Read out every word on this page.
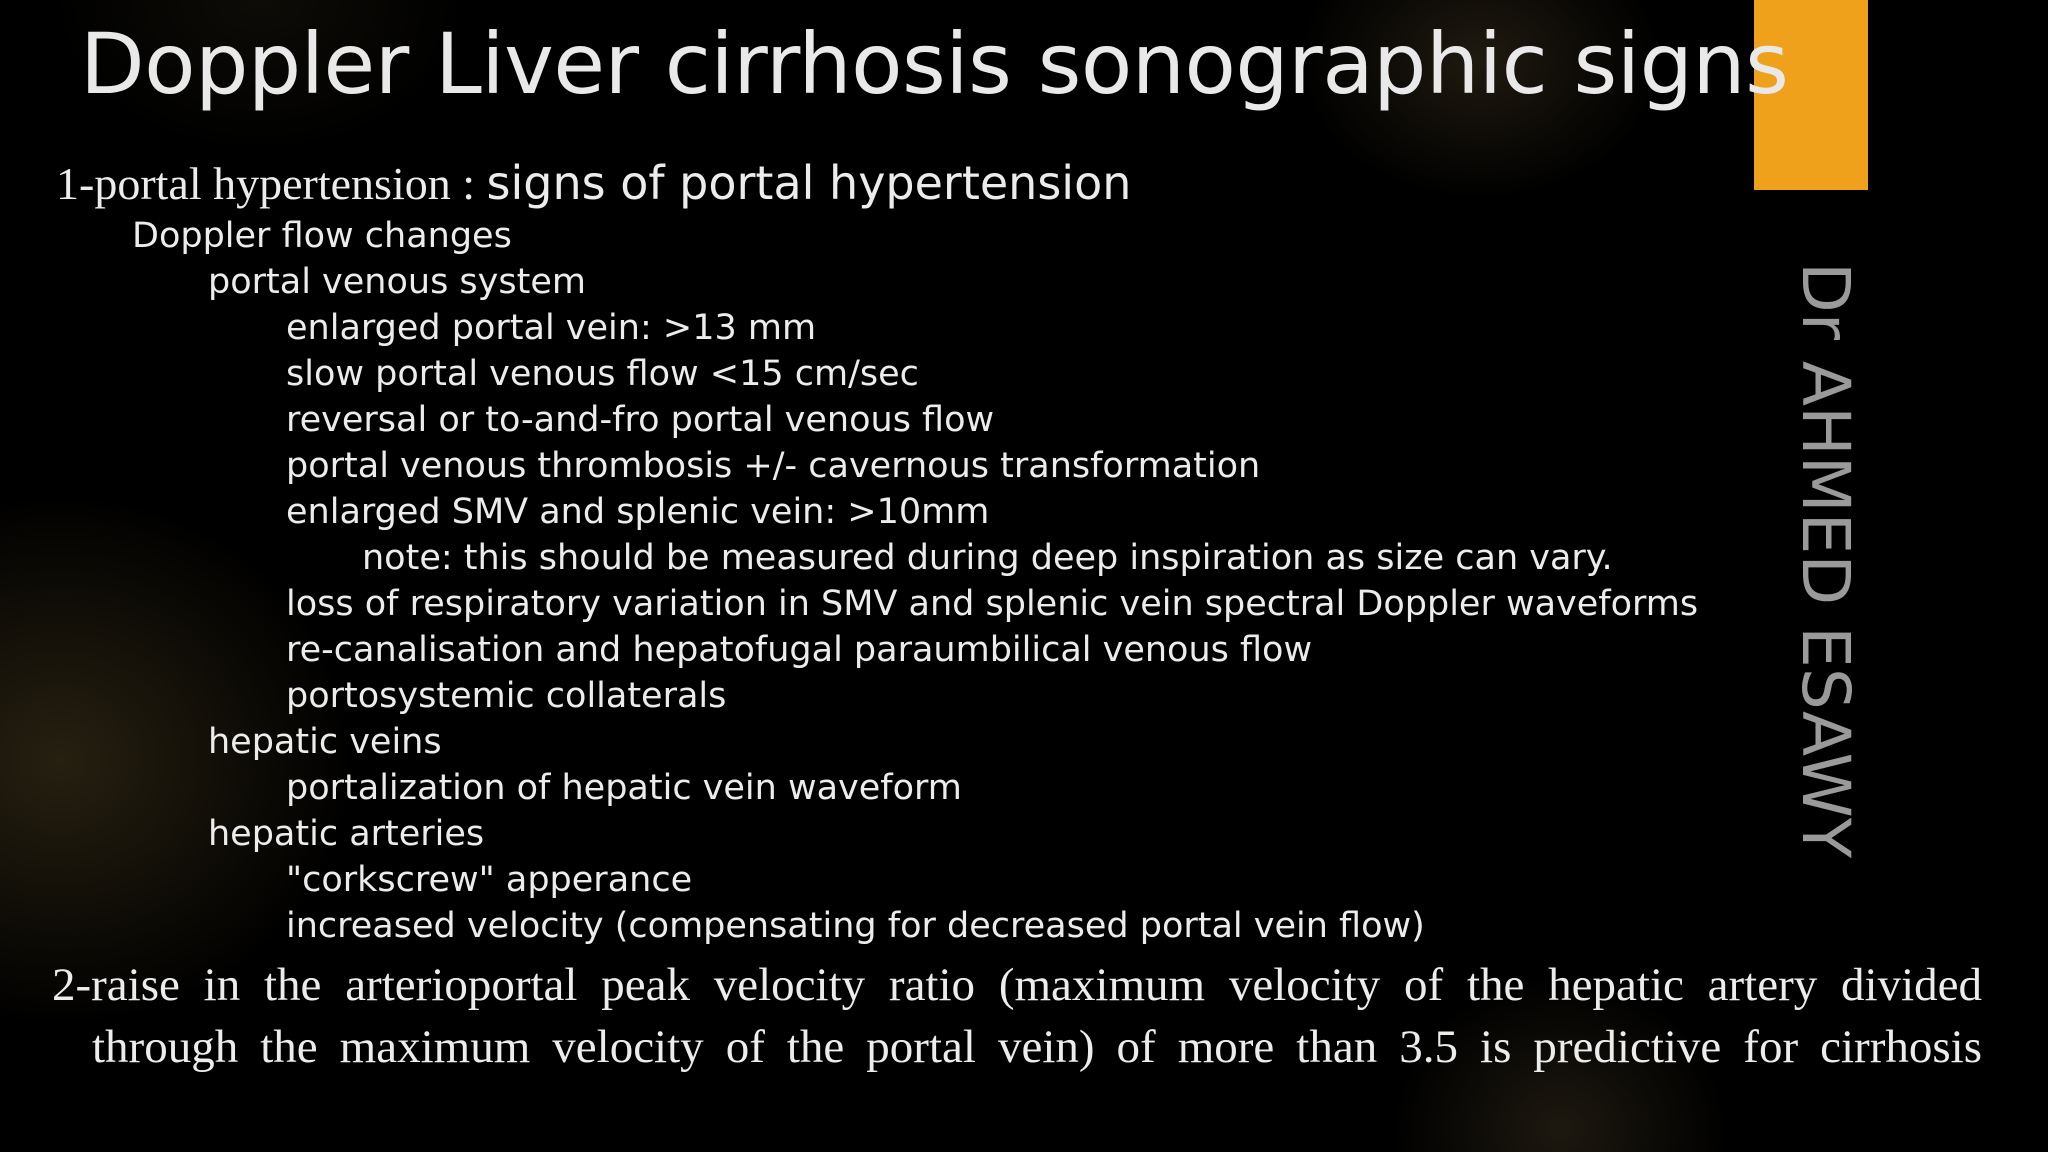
Doppler Liver cirrhosis sonographic signs
Dr AHMED ESAWY
1-portal hypertension : signs of portal hypertension
Doppler flow changes
portal venous system
enlarged portal vein: >13 mm
slow portal venous flow <15 cm/sec
reversal or to-and-fro portal venous flow
portal venous thrombosis +/- cavernous transformation
enlarged SMV and splenic vein: >10mm
note: this should be measured during deep inspiration as size can vary.
loss of respiratory variation in SMV and splenic vein spectral Doppler waveforms
re-canalisation and hepatofugal paraumbilical venous flow
portosystemic collaterals
hepatic veins
portalization of hepatic vein waveform
hepatic arteries
"corkscrew" apperance
increased velocity (compensating for decreased portal vein flow)
2-raise in the arterioportal peak velocity ratio (maximum velocity of the hepatic artery divided
through the maximum velocity of the portal vein) of more than 3.5 is predictive for cirrhosis
